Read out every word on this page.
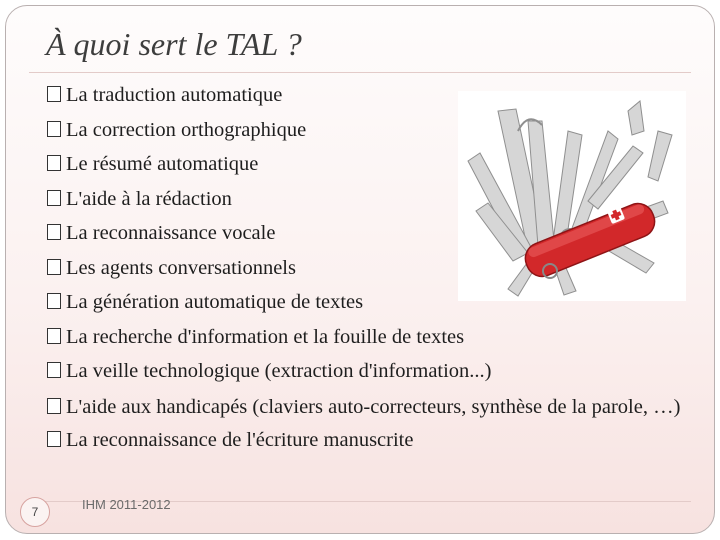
À quoi sert le TAL ?
La traduction automatique
La correction orthographique
Le résumé automatique
L'aide à la rédaction
La reconnaissance vocale
Les agents conversationnels
La génération automatique de textes
La recherche d'information et la fouille de textes
La veille technologique (extraction d'information...)
L'aide aux handicapés (claviers auto-correcteurs, synthèse de la parole, …)
La reconnaissance de l'écriture manuscrite
7	IHM 2011-2012
